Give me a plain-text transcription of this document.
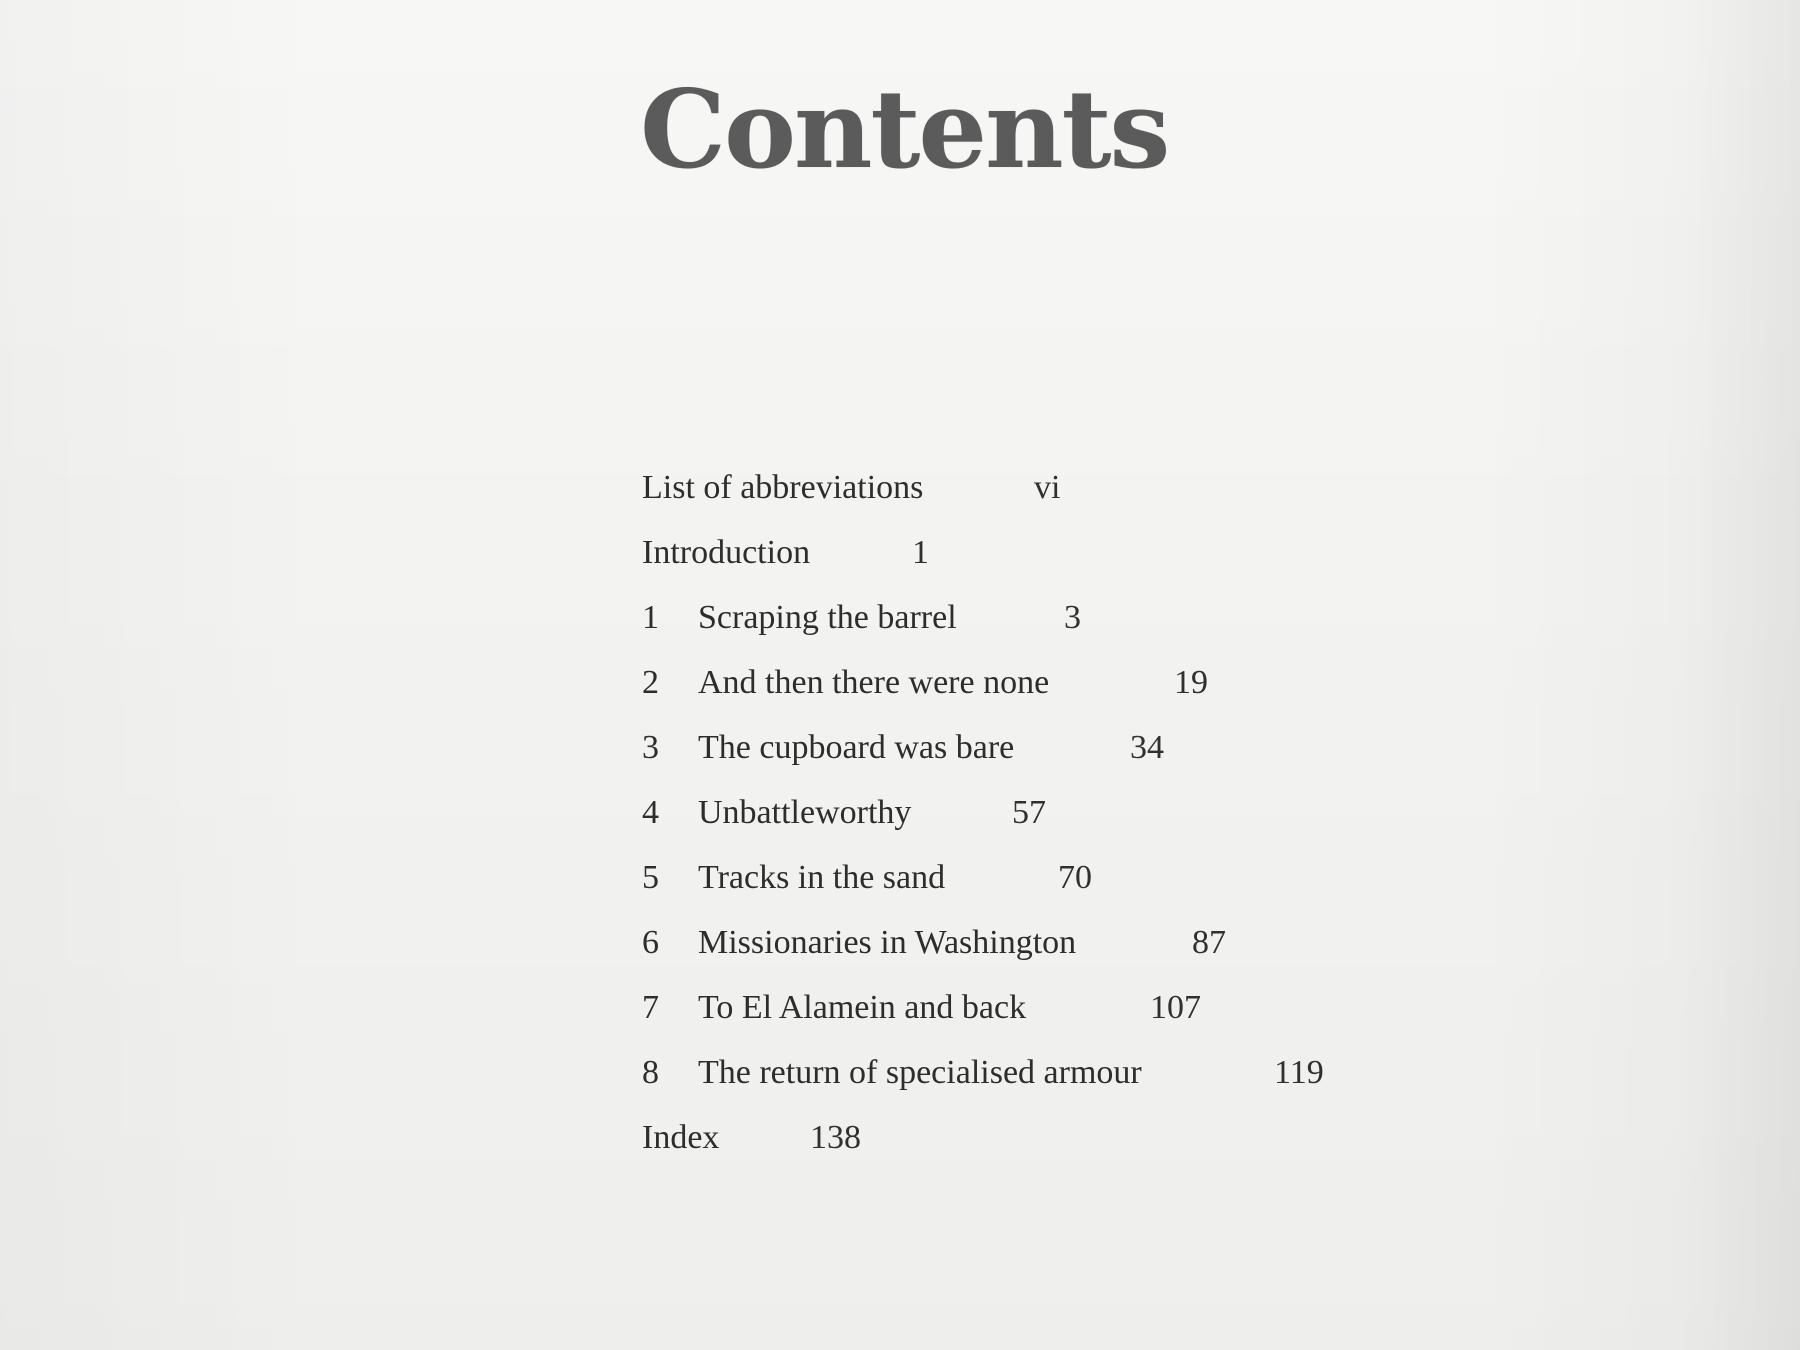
Contents
List of abbreviations	vi
Introduction	1
1	Scraping the barrel	3
2	And then there were none	19
3	The cupboard was bare	34
4	Unbattleworthy	57
5	Tracks in the sand	70
6	Missionaries in Washington	87
7	To El Alamein and back	107
8	The return of specialised armour	119
Index	138
